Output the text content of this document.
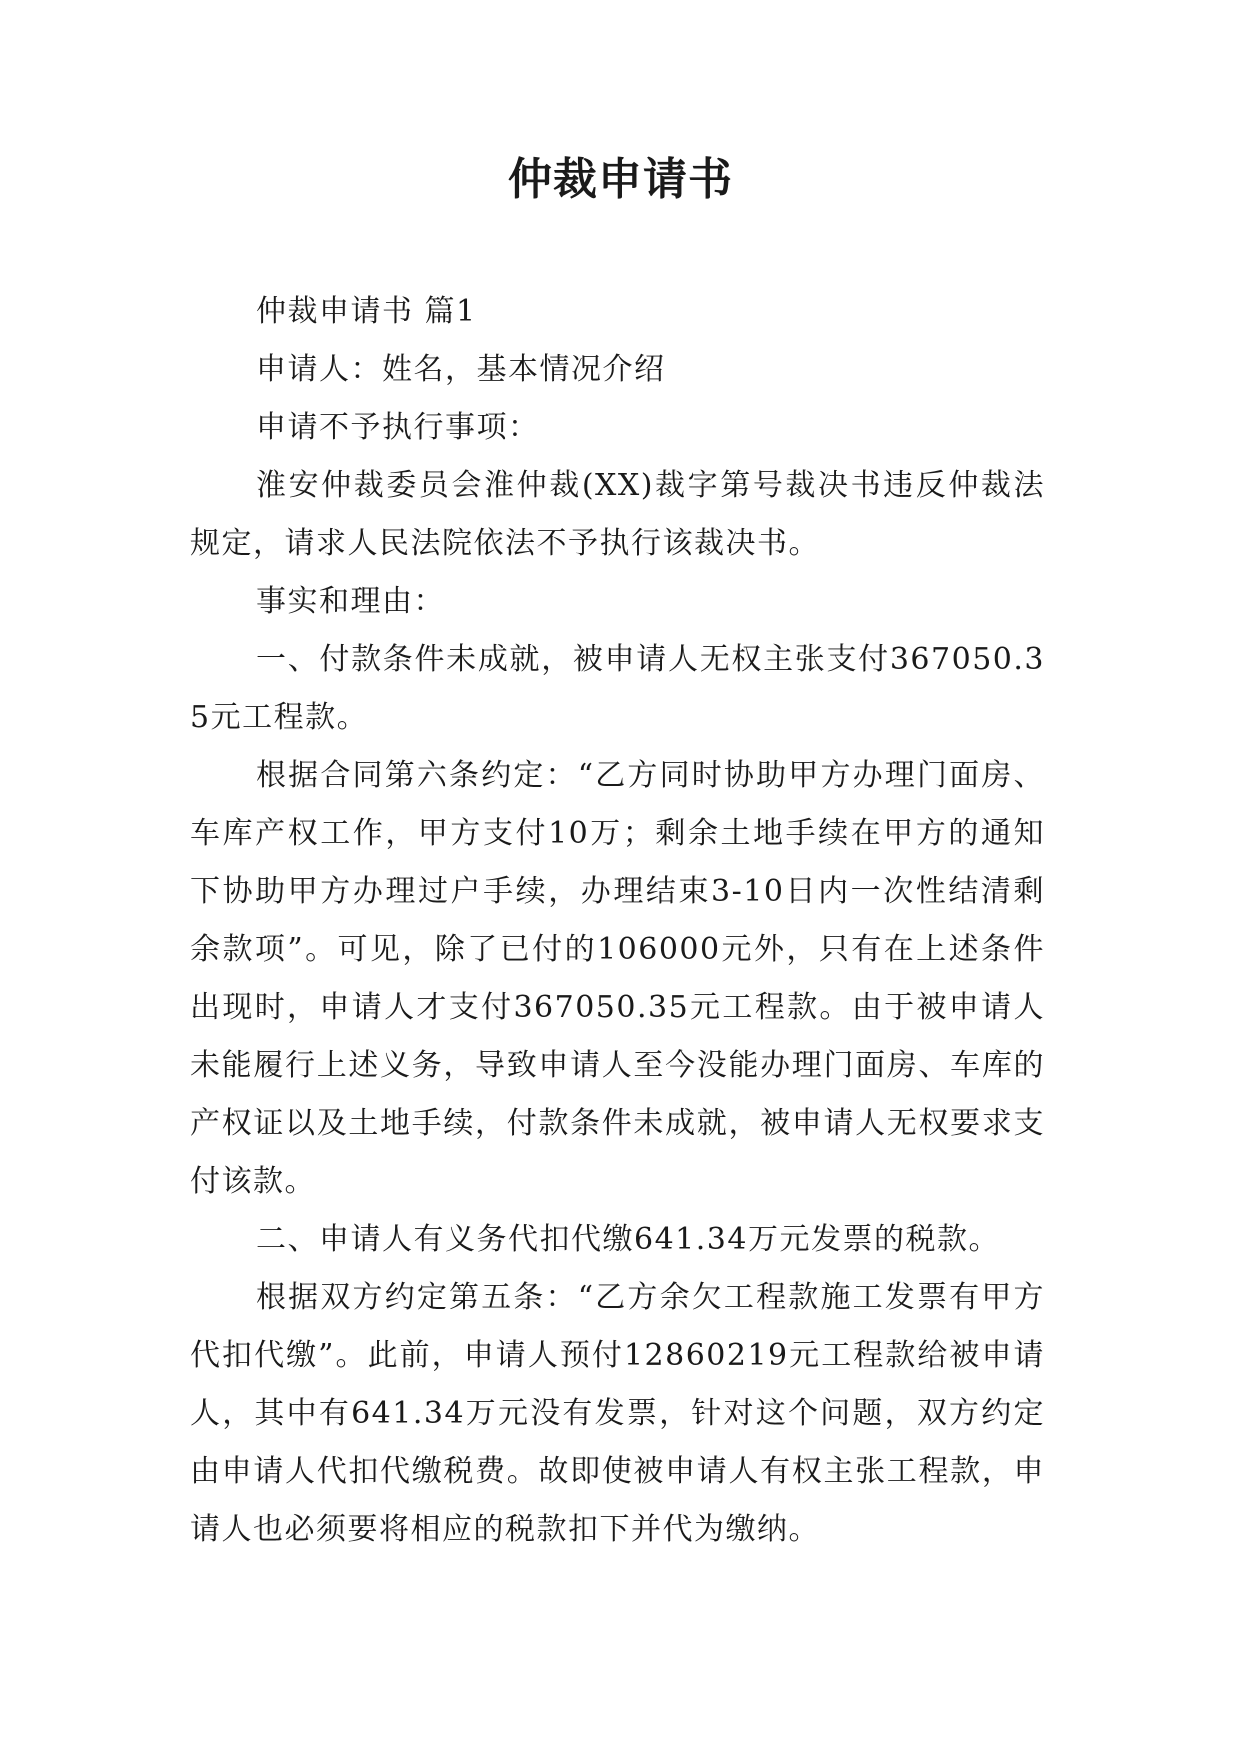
仲裁申请书

仲裁申请书 篇1

申请人：姓名，基本情况介绍

申请不予执行事项：

淮安仲裁委员会淮仲裁(XX)裁字第号裁决书违反仲裁法规定，请求人民法院依法不予执行该裁决书。

事实和理由：

一、付款条件未成就，被申请人无权主张支付367050.35元工程款。

根据合同第六条约定：“乙方同时协助甲方办理门面房、车库产权工作，甲方支付10万；剩余土地手续在甲方的通知下协助甲方办理过户手续，办理结束3-10日内一次性结清剩余款项”。可见，除了已付的106000元外，只有在上述条件出现时，申请人才支付367050.35元工程款。由于被申请人未能履行上述义务，导致申请人至今没能办理门面房、车库的产权证以及土地手续，付款条件未成就，被申请人无权要求支付该款。

二、申请人有义务代扣代缴641.34万元发票的税款。

根据双方约定第五条：“乙方余欠工程款施工发票有甲方代扣代缴”。此前，申请人预付12860219元工程款给被申请人，其中有641.34万元没有发票，针对这个问题，双方约定由申请人代扣代缴税费。故即使被申请人有权主张工程款，申请人也必须要将相应的税款扣下并代为缴纳。
